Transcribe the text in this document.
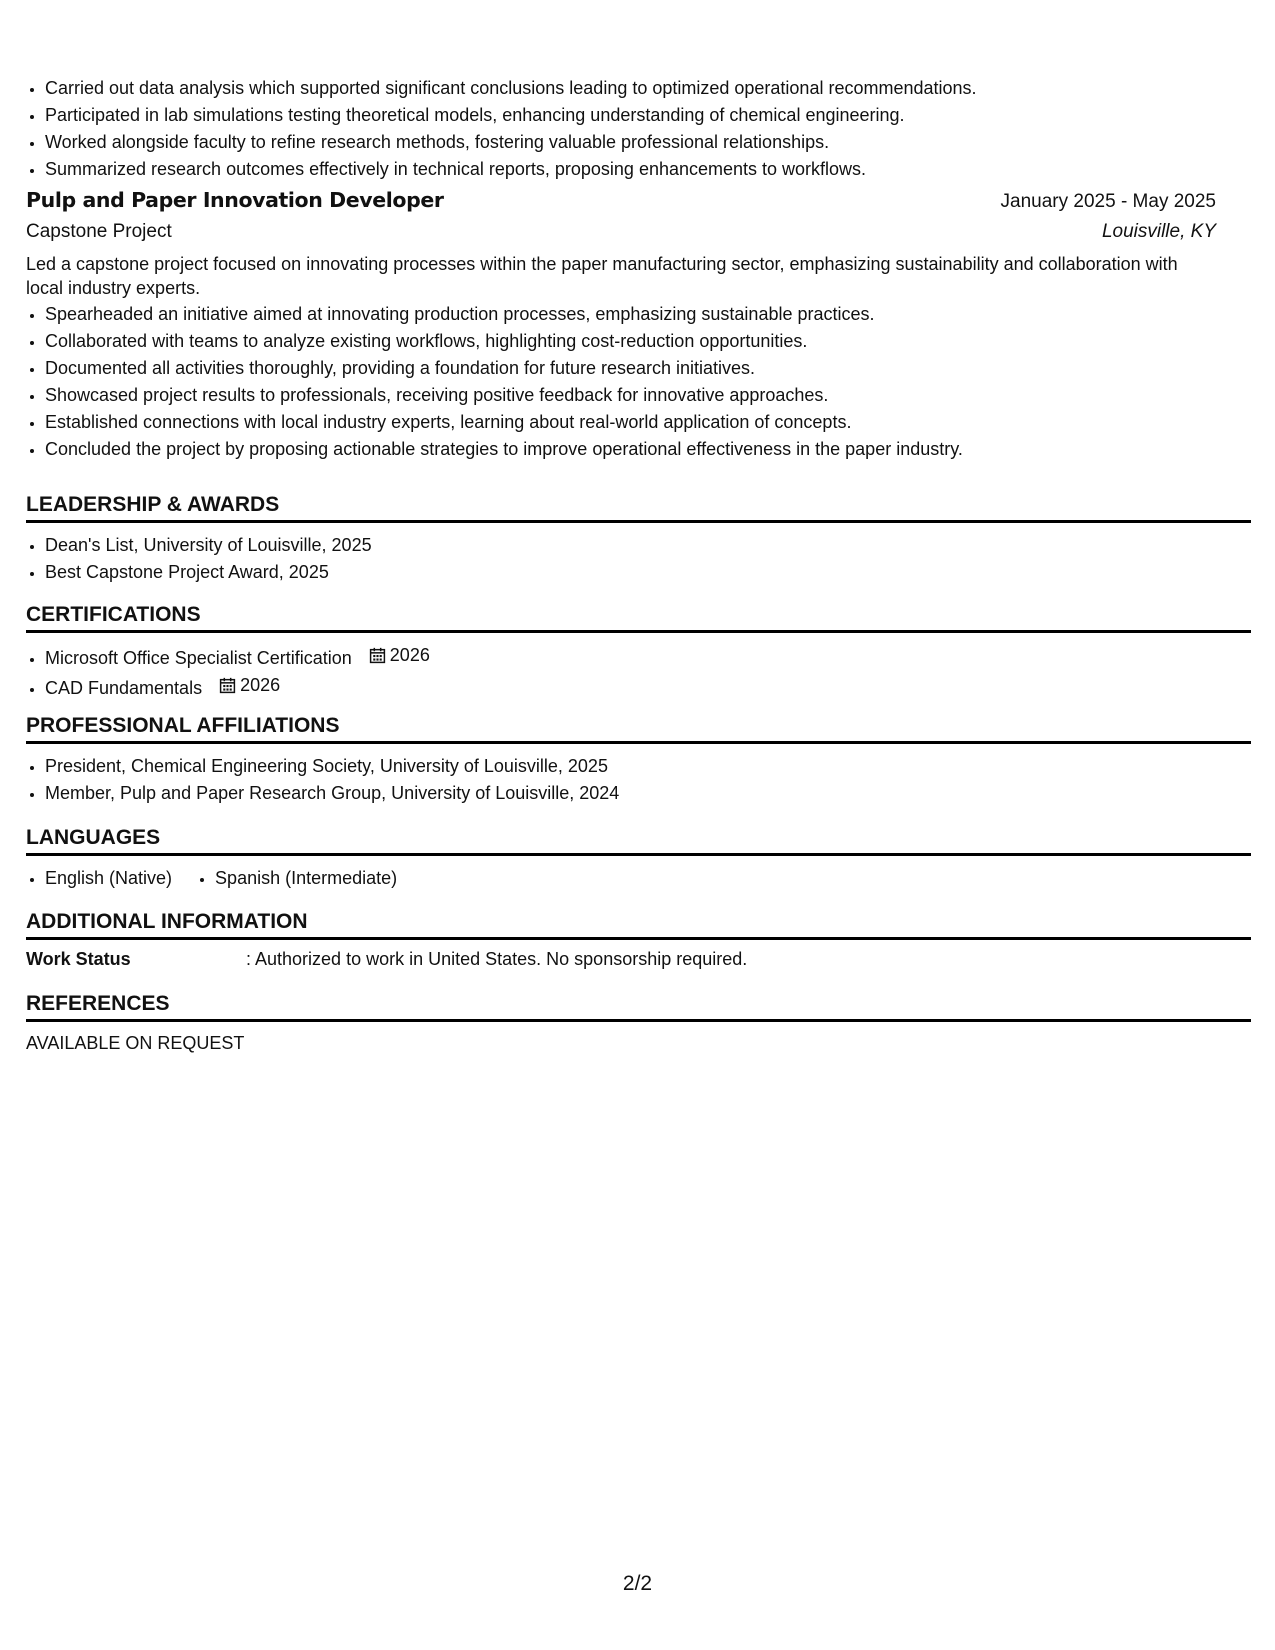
• Carried out data analysis which supported significant conclusions leading to optimized operational recommendations.
• Participated in lab simulations testing theoretical models, enhancing understanding of chemical engineering.
• Worked alongside faculty to refine research methods, fostering valuable professional relationships.
• Summarized research outcomes effectively in technical reports, proposing enhancements to workflows.
Pulp and Paper Innovation Developer	January 2025 - May 2025
Capstone Project	Louisville, KY
Led a capstone project focused on innovating processes within the paper manufacturing sector, emphasizing sustainability and collaboration with local industry experts.
• Spearheaded an initiative aimed at innovating production processes, emphasizing sustainable practices.
• Collaborated with teams to analyze existing workflows, highlighting cost-reduction opportunities.
• Documented all activities thoroughly, providing a foundation for future research initiatives.
• Showcased project results to professionals, receiving positive feedback for innovative approaches.
• Established connections with local industry experts, learning about real-world application of concepts.
• Concluded the project by proposing actionable strategies to improve operational effectiveness in the paper industry.
LEADERSHIP & AWARDS
• Dean's List, University of Louisville, 2025
• Best Capstone Project Award, 2025
CERTIFICATIONS
• Microsoft Office Specialist Certification 2026
• CAD Fundamentals 2026
PROFESSIONAL AFFILIATIONS
• President, Chemical Engineering Society, University of Louisville, 2025
• Member, Pulp and Paper Research Group, University of Louisville, 2024
LANGUAGES
• English (Native)
• Spanish (Intermediate)
ADDITIONAL INFORMATION
Work Status	: Authorized to work in United States. No sponsorship required.
REFERENCES
AVAILABLE ON REQUEST
2/2
